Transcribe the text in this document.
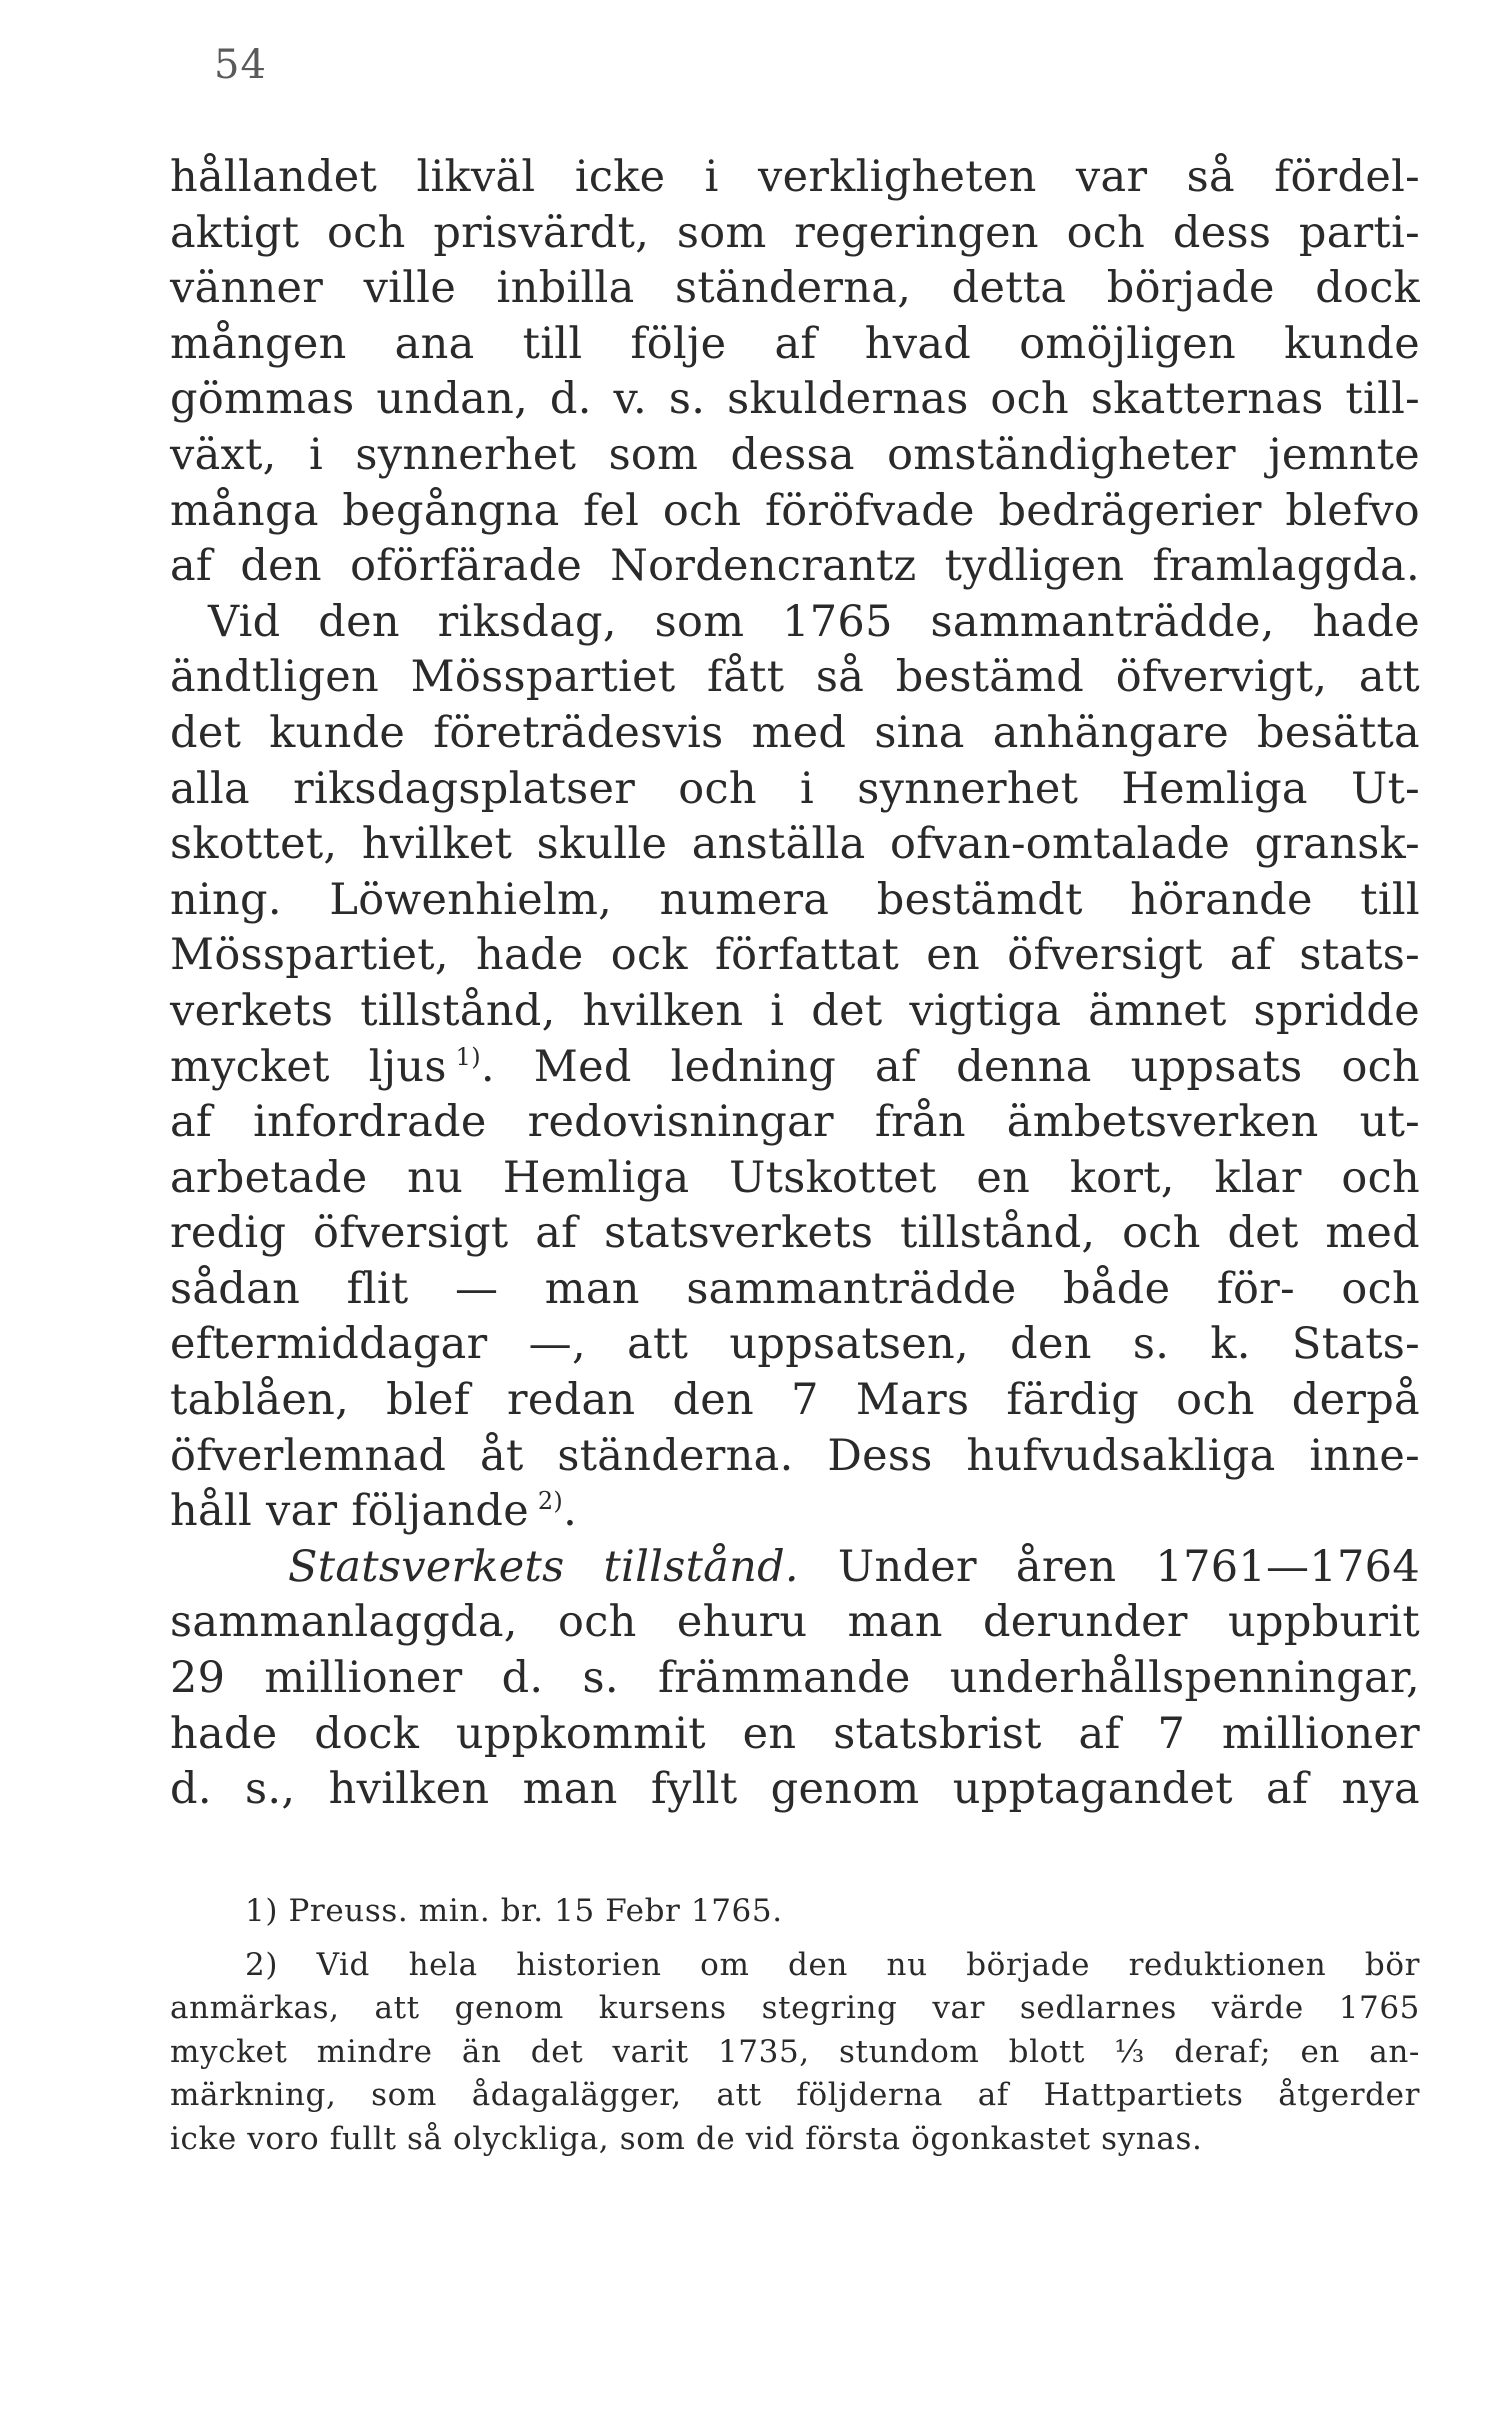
54
hållandet likväl icke i verkligheten var så fördel-
aktigt och prisvärdt, som regeringen och dess parti-
vänner ville inbilla ständerna, detta började dock
mången ana till följe af hvad omöjligen kunde
gömmas undan, d. v. s. skuldernas och skatternas till-
växt, i synnerhet som dessa omständigheter jemnte
många begångna fel och föröfvade bedrägerier blefvo
af den oförfärade Nordencrantz tydligen framlaggda.
Vid den riksdag, som 1765 sammanträdde, hade
ändtligen Mösspartiet fått så bestämd öfvervigt, att
det kunde företrädesvis med sina anhängare besätta
alla riksdagsplatser och i synnerhet Hemliga Ut-
skottet, hvilket skulle anställa ofvan-omtalade gransk-
ning. Löwenhielm, numera bestämdt hörande till
Mösspartiet, hade ock författat en öfversigt af stats-
verkets tillstånd, hvilken i det vigtiga ämnet spridde
mycket ljus  $^{1)}$. Med ledning af denna uppsats och
af infordrade redovisningar från ämbetsverken ut-
arbetade nu Hemliga Utskottet en kort, klar och
redig öfversigt af statsverkets tillstånd, och det med
sådan flit — man sammanträdde både för- och
eftermiddagar —, att uppsatsen, den s. k. Stats-
tablåen, blef redan den 7 Mars färdig och derpå
öfverlemnad åt ständerna. Dess hufvudsakliga inne-
håll var följande  $^{2)}$.
Statsverkets tillstånd. Under åren 1761—1764
sammanlaggda, och ehuru man derunder uppburit
29 millioner d. s. främmande underhållspenningar,
hade dock uppkommit en statsbrist af 7 millioner
d. s., hvilken man fyllt genom upptagandet af nya
1) Preuss. min. br. 15 Febr 1765.
2) Vid hela historien om den nu började reduktionen bör
anmärkas, att genom kursens stegring var sedlarnes värde 1765
mycket mindre än det varit 1735, stundom blott ⅓ deraf; en an-
märkning, som ådagalägger, att följderna af Hattpartiets åtgerder
icke voro fullt så olyckliga, som de vid första ögonkastet synas.
